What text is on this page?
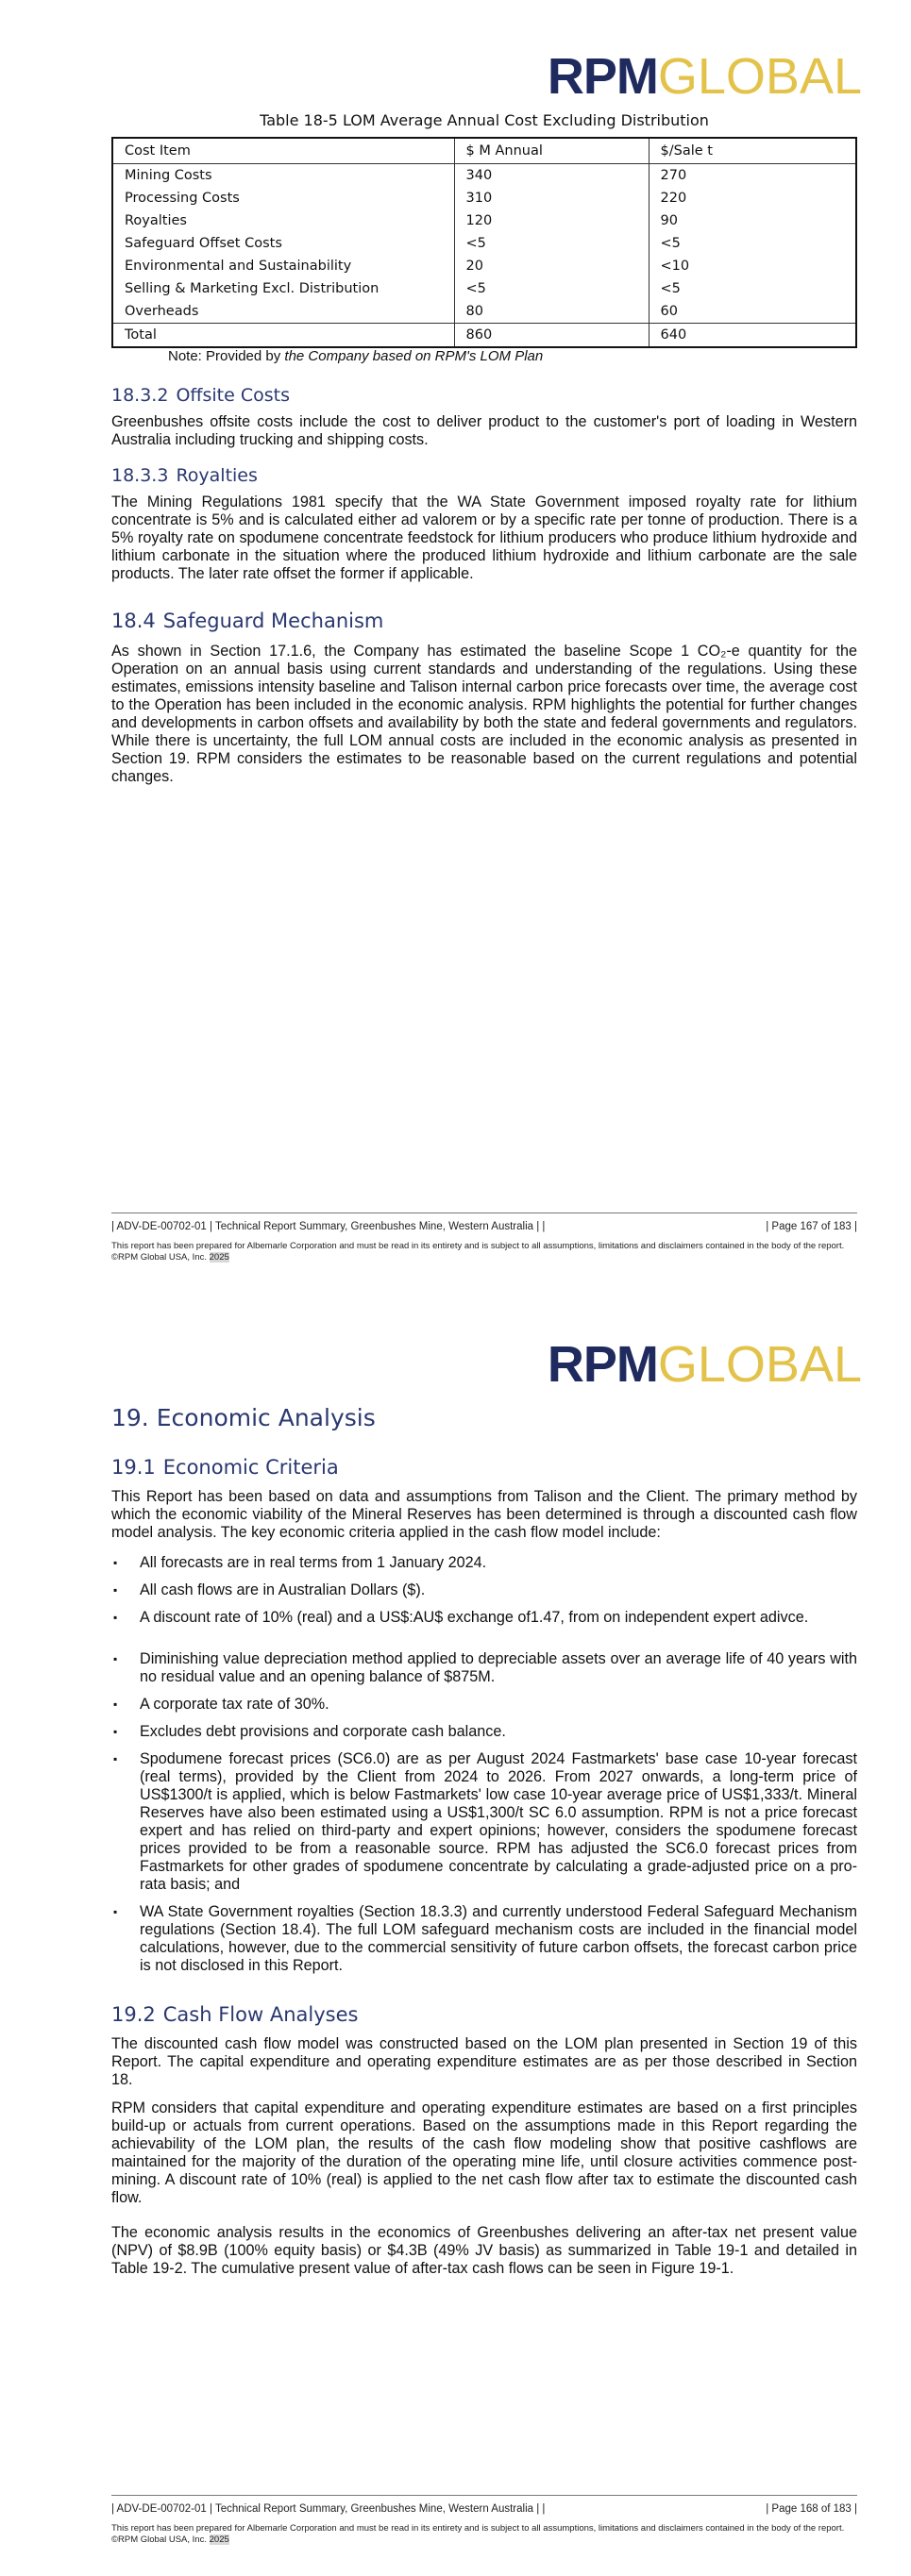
RPMGLOBAL
Table 18-5 LOM Average Annual Cost Excluding Distribution
Cost Item	$ M Annual	$/Sale t
Mining Costs	340	270
Processing Costs	310	220
Royalties	120	90
Safeguard Offset Costs	<5	<5
Environmental and Sustainability	20	<10
Selling & Marketing Excl. Distribution	<5	<5
Overheads	80	60
Total	860	640
Note: Provided by the Company based on RPM's LOM Plan
18.3.2 Offsite Costs

Greenbushes offsite costs include the cost to deliver product to the customer's port of loading in Western Australia including trucking and shipping costs.

18.3.3 Royalties

The Mining Regulations 1981 specify that the WA State Government imposed royalty rate for lithium concentrate is 5% and is calculated either ad valorem or by a specific rate per tonne of production. There is a 5% royalty rate on spodumene concentrate feedstock for lithium producers who produce lithium hydroxide and lithium carbonate in the situation where the produced lithium hydroxide and lithium carbonate are the sale products. The later rate offset the former if applicable.

18.4 Safeguard Mechanism

As shown in Section 17.1.6, the Company has estimated the baseline Scope 1 CO₂-e quantity for the Operation on an annual basis using current standards and understanding of the regulations. Using these estimates, emissions intensity baseline and Talison internal carbon price forecasts over time, the average cost to the Operation has been included in the economic analysis. RPM highlights the potential for further changes and developments in carbon offsets and availability by both the state and federal governments and regulators. While there is uncertainty, the full LOM annual costs are included in the economic analysis as presented in Section 19. RPM considers the estimates to be reasonable based on the current regulations and potential changes.

| ADV-DE-00702-01 | Technical Report Summary, Greenbushes Mine, Western Australia | |	| Page 167 of 183 |
This report has been prepared for Albemarle Corporation and must be read in its entirety and is subject to all assumptions, limitations and disclaimers contained in the body of the report. ©RPM Global USA, Inc. 2025
RPMGLOBAL
19. Economic Analysis
19.1 Economic Criteria

This Report has been based on data and assumptions from Talison and the Client. The primary method by which the economic viability of the Mineral Reserves has been determined is through a discounted cash flow model analysis. The key economic criteria applied in the cash flow model include:

▪ All forecasts are in real terms from 1 January 2024.
▪ All cash flows are in Australian Dollars ($).
▪ A discount rate of 10% (real) and a US$:AU$ exchange of1.47, from on independent expert adivce.
▪ Diminishing value depreciation method applied to depreciable assets over an average life of 40 years with no residual value and an opening balance of $875M.
▪ A corporate tax rate of 30%.
▪ Excludes debt provisions and corporate cash balance.
▪ Spodumene forecast prices (SC6.0) are as per August 2024 Fastmarkets' base case 10-year forecast (real terms), provided by the Client from 2024 to 2026. From 2027 onwards, a long-term price of US$1300/t is applied, which is below Fastmarkets' low case 10-year average price of US$1,333/t. Mineral Reserves have also been estimated using a US$1,300/t SC 6.0 assumption. RPM is not a price forecast expert and has relied on third-party and expert opinions; however, considers the spodumene forecast prices provided to be from a reasonable source. RPM has adjusted the SC6.0 forecast prices from Fastmarkets for other grades of spodumene concentrate by calculating a grade-adjusted price on a pro-rata basis; and
▪ WA State Government royalties (Section 18.3.3) and currently understood Federal Safeguard Mechanism regulations (Section 18.4). The full LOM safeguard mechanism costs are included in the financial model calculations, however, due to the commercial sensitivity of future carbon offsets, the forecast carbon price is not disclosed in this Report.
19.2 Cash Flow Analyses

The discounted cash flow model was constructed based on the LOM plan presented in Section 19 of this Report. The capital expenditure and operating expenditure estimates are as per those described in Section 18.

RPM considers that capital expenditure and operating expenditure estimates are based on a first principles build-up or actuals from current operations. Based on the assumptions made in this Report regarding the achievability of the LOM plan, the results of the cash flow modeling show that positive cashflows are maintained for the majority of the duration of the operating mine life, until closure activities commence post-mining. A discount rate of 10% (real) is applied to the net cash flow after tax to estimate the discounted cash flow.

The economic analysis results in the economics of Greenbushes delivering an after-tax net present value (NPV) of $8.9B (100% equity basis) or $4.3B (49% JV basis) as summarized in Table 19-1 and detailed in Table 19-2. The cumulative present value of after-tax cash flows can be seen in Figure 19-1.

| ADV-DE-00702-01 | Technical Report Summary, Greenbushes Mine, Western Australia | |	| Page 168 of 183 |
This report has been prepared for Albemarle Corporation and must be read in its entirety and is subject to all assumptions, limitations and disclaimers contained in the body of the report. ©RPM Global USA, Inc. 2025
